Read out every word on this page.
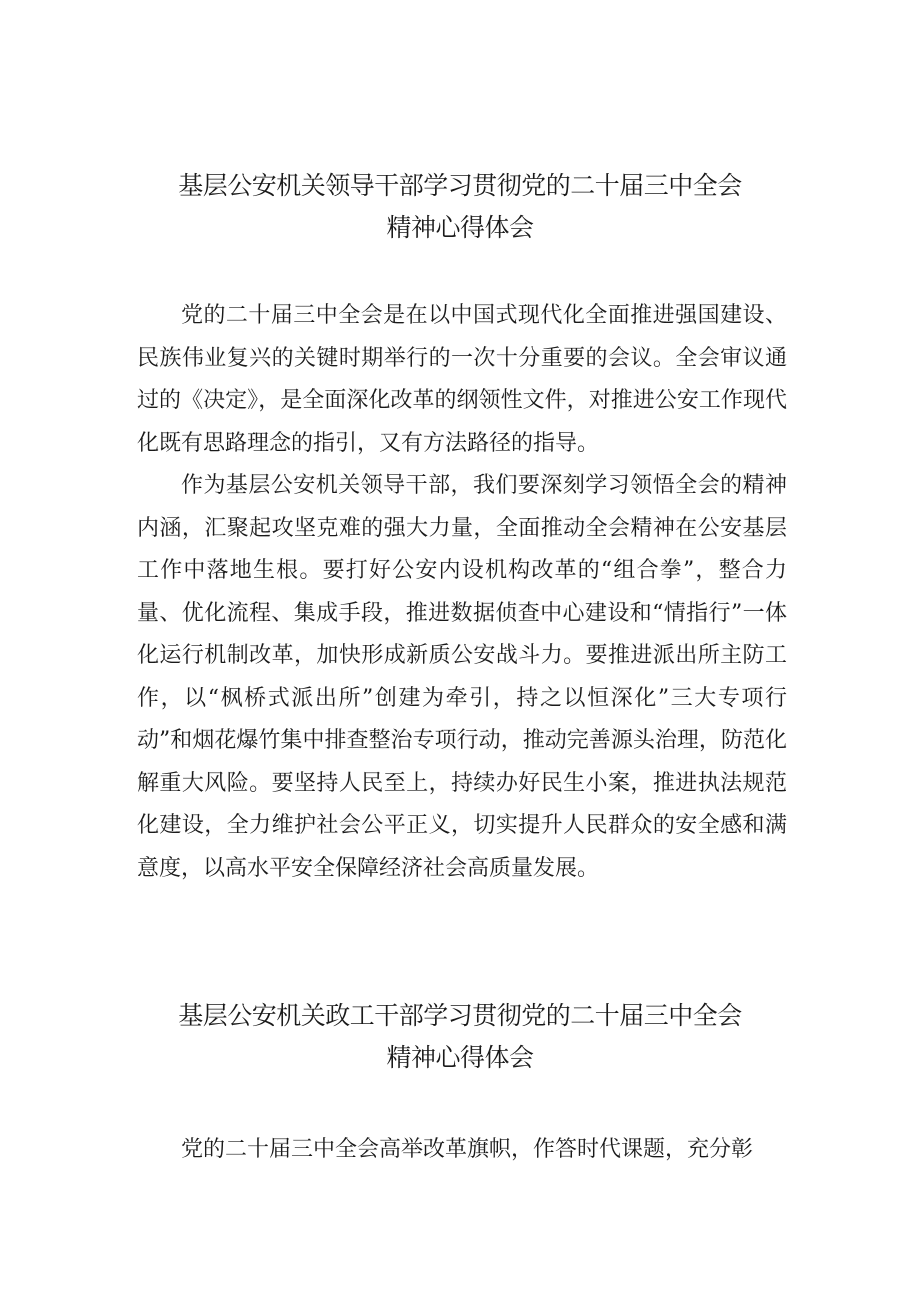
基层公安机关领导干部学习贯彻党的二十届三中全会
精神心得体会

党的二十届三中全会是在以中国式现代化全面推进强国建设、民族伟业复兴的关键时期举行的一次十分重要的会议。全会审议通过的《决定》，是全面深化改革的纲领性文件，对推进公安工作现代化既有思路理念的指引，又有方法路径的指导。

作为基层公安机关领导干部，我们要深刻学习领悟全会的精神内涵，汇聚起攻坚克难的强大力量，全面推动全会精神在公安基层工作中落地生根。要打好公安内设机构改革的“组合拳”，整合力量、优化流程、集成手段，推进数据侦查中心建设和“情指行”一体化运行机制改革，加快形成新质公安战斗力。要推进派出所主防工作，以“枫桥式派出所”创建为牵引，持之以恒深化”三大专项行动”和烟花爆竹集中排查整治专项行动，推动完善源头治理，防范化解重大风险。要坚持人民至上，持续办好民生小案，推进执法规范化建设，全力维护社会公平正义，切实提升人民群众的安全感和满意度，以高水平安全保障经济社会高质量发展。

基层公安机关政工干部学习贯彻党的二十届三中全会
精神心得体会

党的二十届三中全会高举改革旗帜，作答时代课题，充分彰
